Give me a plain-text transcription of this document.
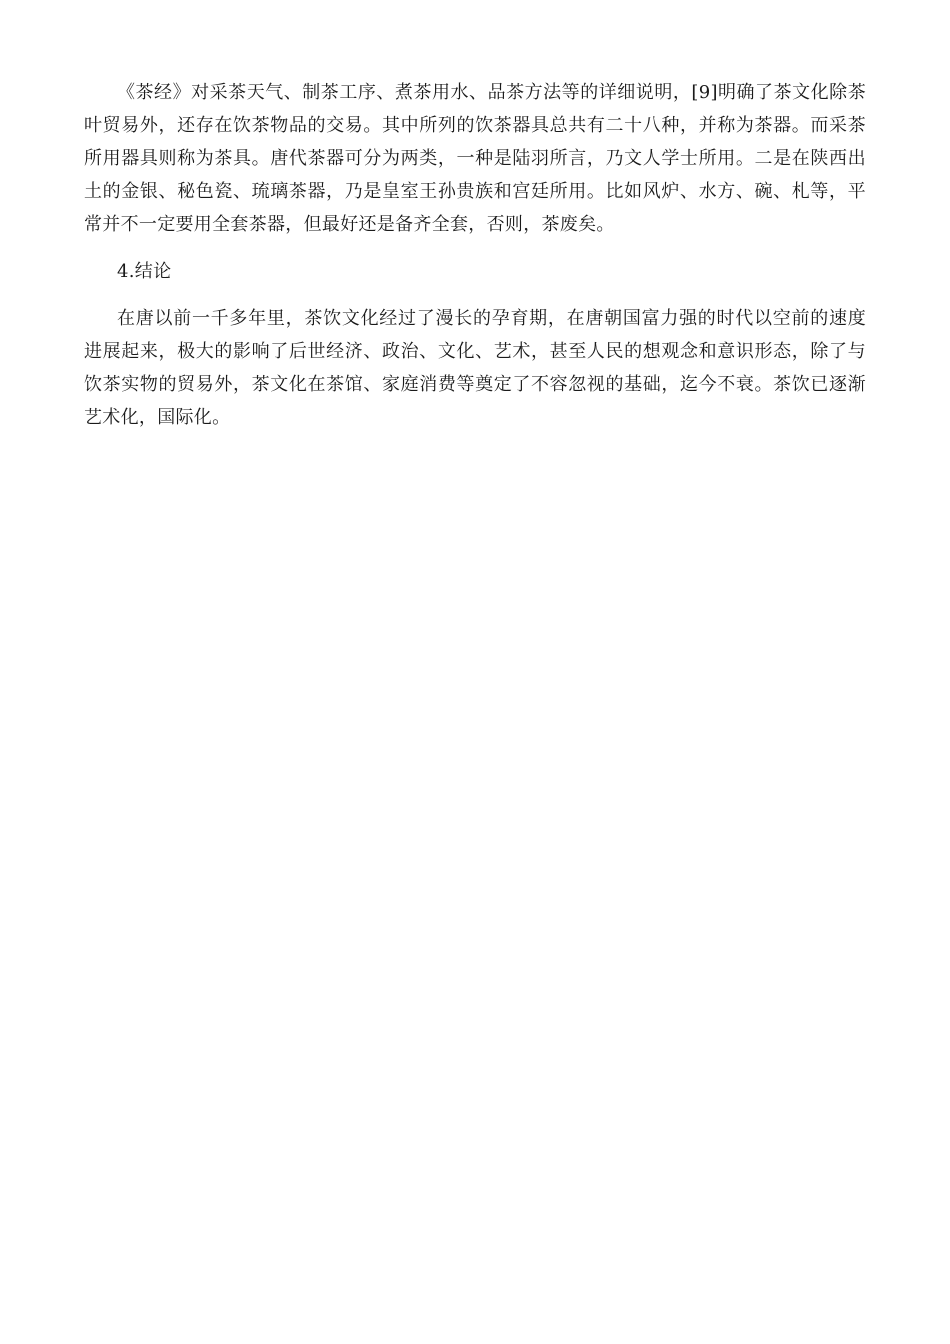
《茶经》对采茶天气、制茶工序、煮茶用水、品茶方法等的详细说明，[9]明确了茶文化除茶叶贸易外，还存在饮茶物品的交易。其中所列的饮茶器具总共有二十八种，并称为茶器。而采茶所用器具则称为茶具。唐代茶器可分为两类，一种是陆羽所言，乃文人学士所用。二是在陕西出土的金银、秘色瓷、琉璃茶器，乃是皇室王孙贵族和宫廷所用。比如风炉、水方、碗、札等，平常并不一定要用全套茶器，但最好还是备齐全套，否则，茶废矣。

4.结论

在唐以前一千多年里，茶饮文化经过了漫长的孕育期，在唐朝国富力强的时代以空前的速度进展起来，极大的影响了后世经济、政治、文化、艺术，甚至人民的想观念和意识形态，除了与饮茶实物的贸易外，茶文化在茶馆、家庭消费等奠定了不容忽视的基础，迄今不衰。茶饮已逐渐艺术化，国际化。
